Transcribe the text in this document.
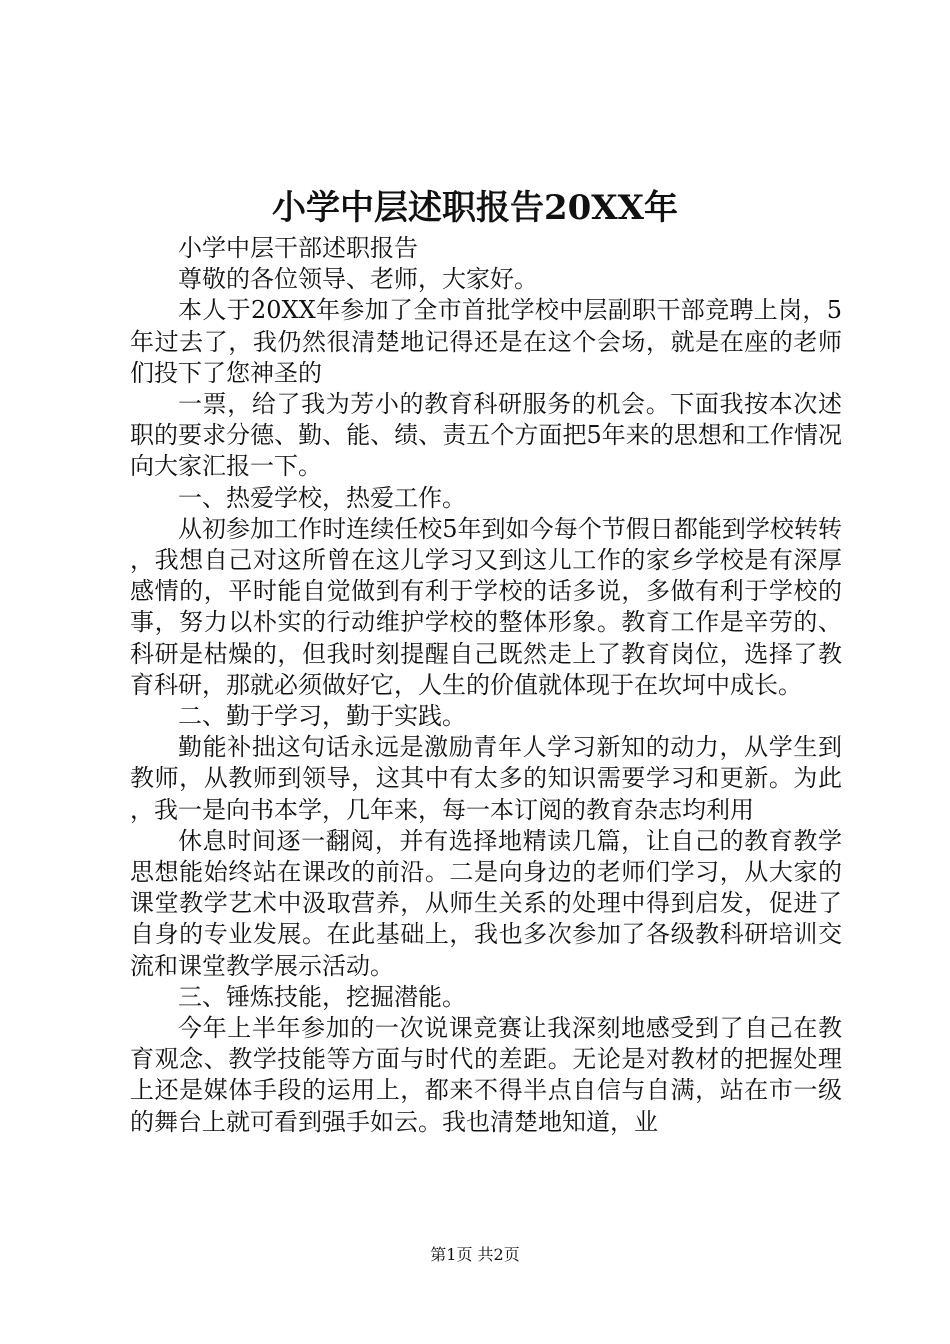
小学中层述职报告20XX年

小学中层干部述职报告

尊敬的各位领导、老师，大家好。

本人于20XX年参加了全市首批学校中层副职干部竞聘上岗，5年过去了，我仍然很清楚地记得还是在这个会场，就是在座的老师们投下了您神圣的

一票，给了我为芳小的教育科研服务的机会。下面我按本次述职的要求分德、勤、能、绩、责五个方面把5年来的思想和工作情况向大家汇报一下。

一、热爱学校，热爱工作。

从初参加工作时连续任校5年到如今每个节假日都能到学校转转，我想自己对这所曾在这儿学习又到这儿工作的家乡学校是有深厚感情的，平时能自觉做到有利于学校的话多说，多做有利于学校的事，努力以朴实的行动维护学校的整体形象。教育工作是辛劳的、科研是枯燥的，但我时刻提醒自己既然走上了教育岗位，选择了教育科研，那就必须做好它，人生的价值就体现于在坎坷中成长。

二、勤于学习，勤于实践。

勤能补拙这句话永远是激励青年人学习新知的动力，从学生到教师，从教师到领导，这其中有太多的知识需要学习和更新。为此，我一是向书本学，几年来，每一本订阅的教育杂志均利用

休息时间逐一翻阅，并有选择地精读几篇，让自己的教育教学思想能始终站在课改的前沿。二是向身边的老师们学习，从大家的课堂教学艺术中汲取营养，从师生关系的处理中得到启发，促进了自身的专业发展。在此基础上，我也多次参加了各级教科研培训交流和课堂教学展示活动。

三、锤炼技能，挖掘潜能。

今年上半年参加的一次说课竞赛让我深刻地感受到了自己在教育观念、教学技能等方面与时代的差距。无论是对教材的把握处理上还是媒体手段的运用上，都来不得半点自信与自满，站在市一级的舞台上就可看到强手如云。我也清楚地知道，业

第1页 共2页
